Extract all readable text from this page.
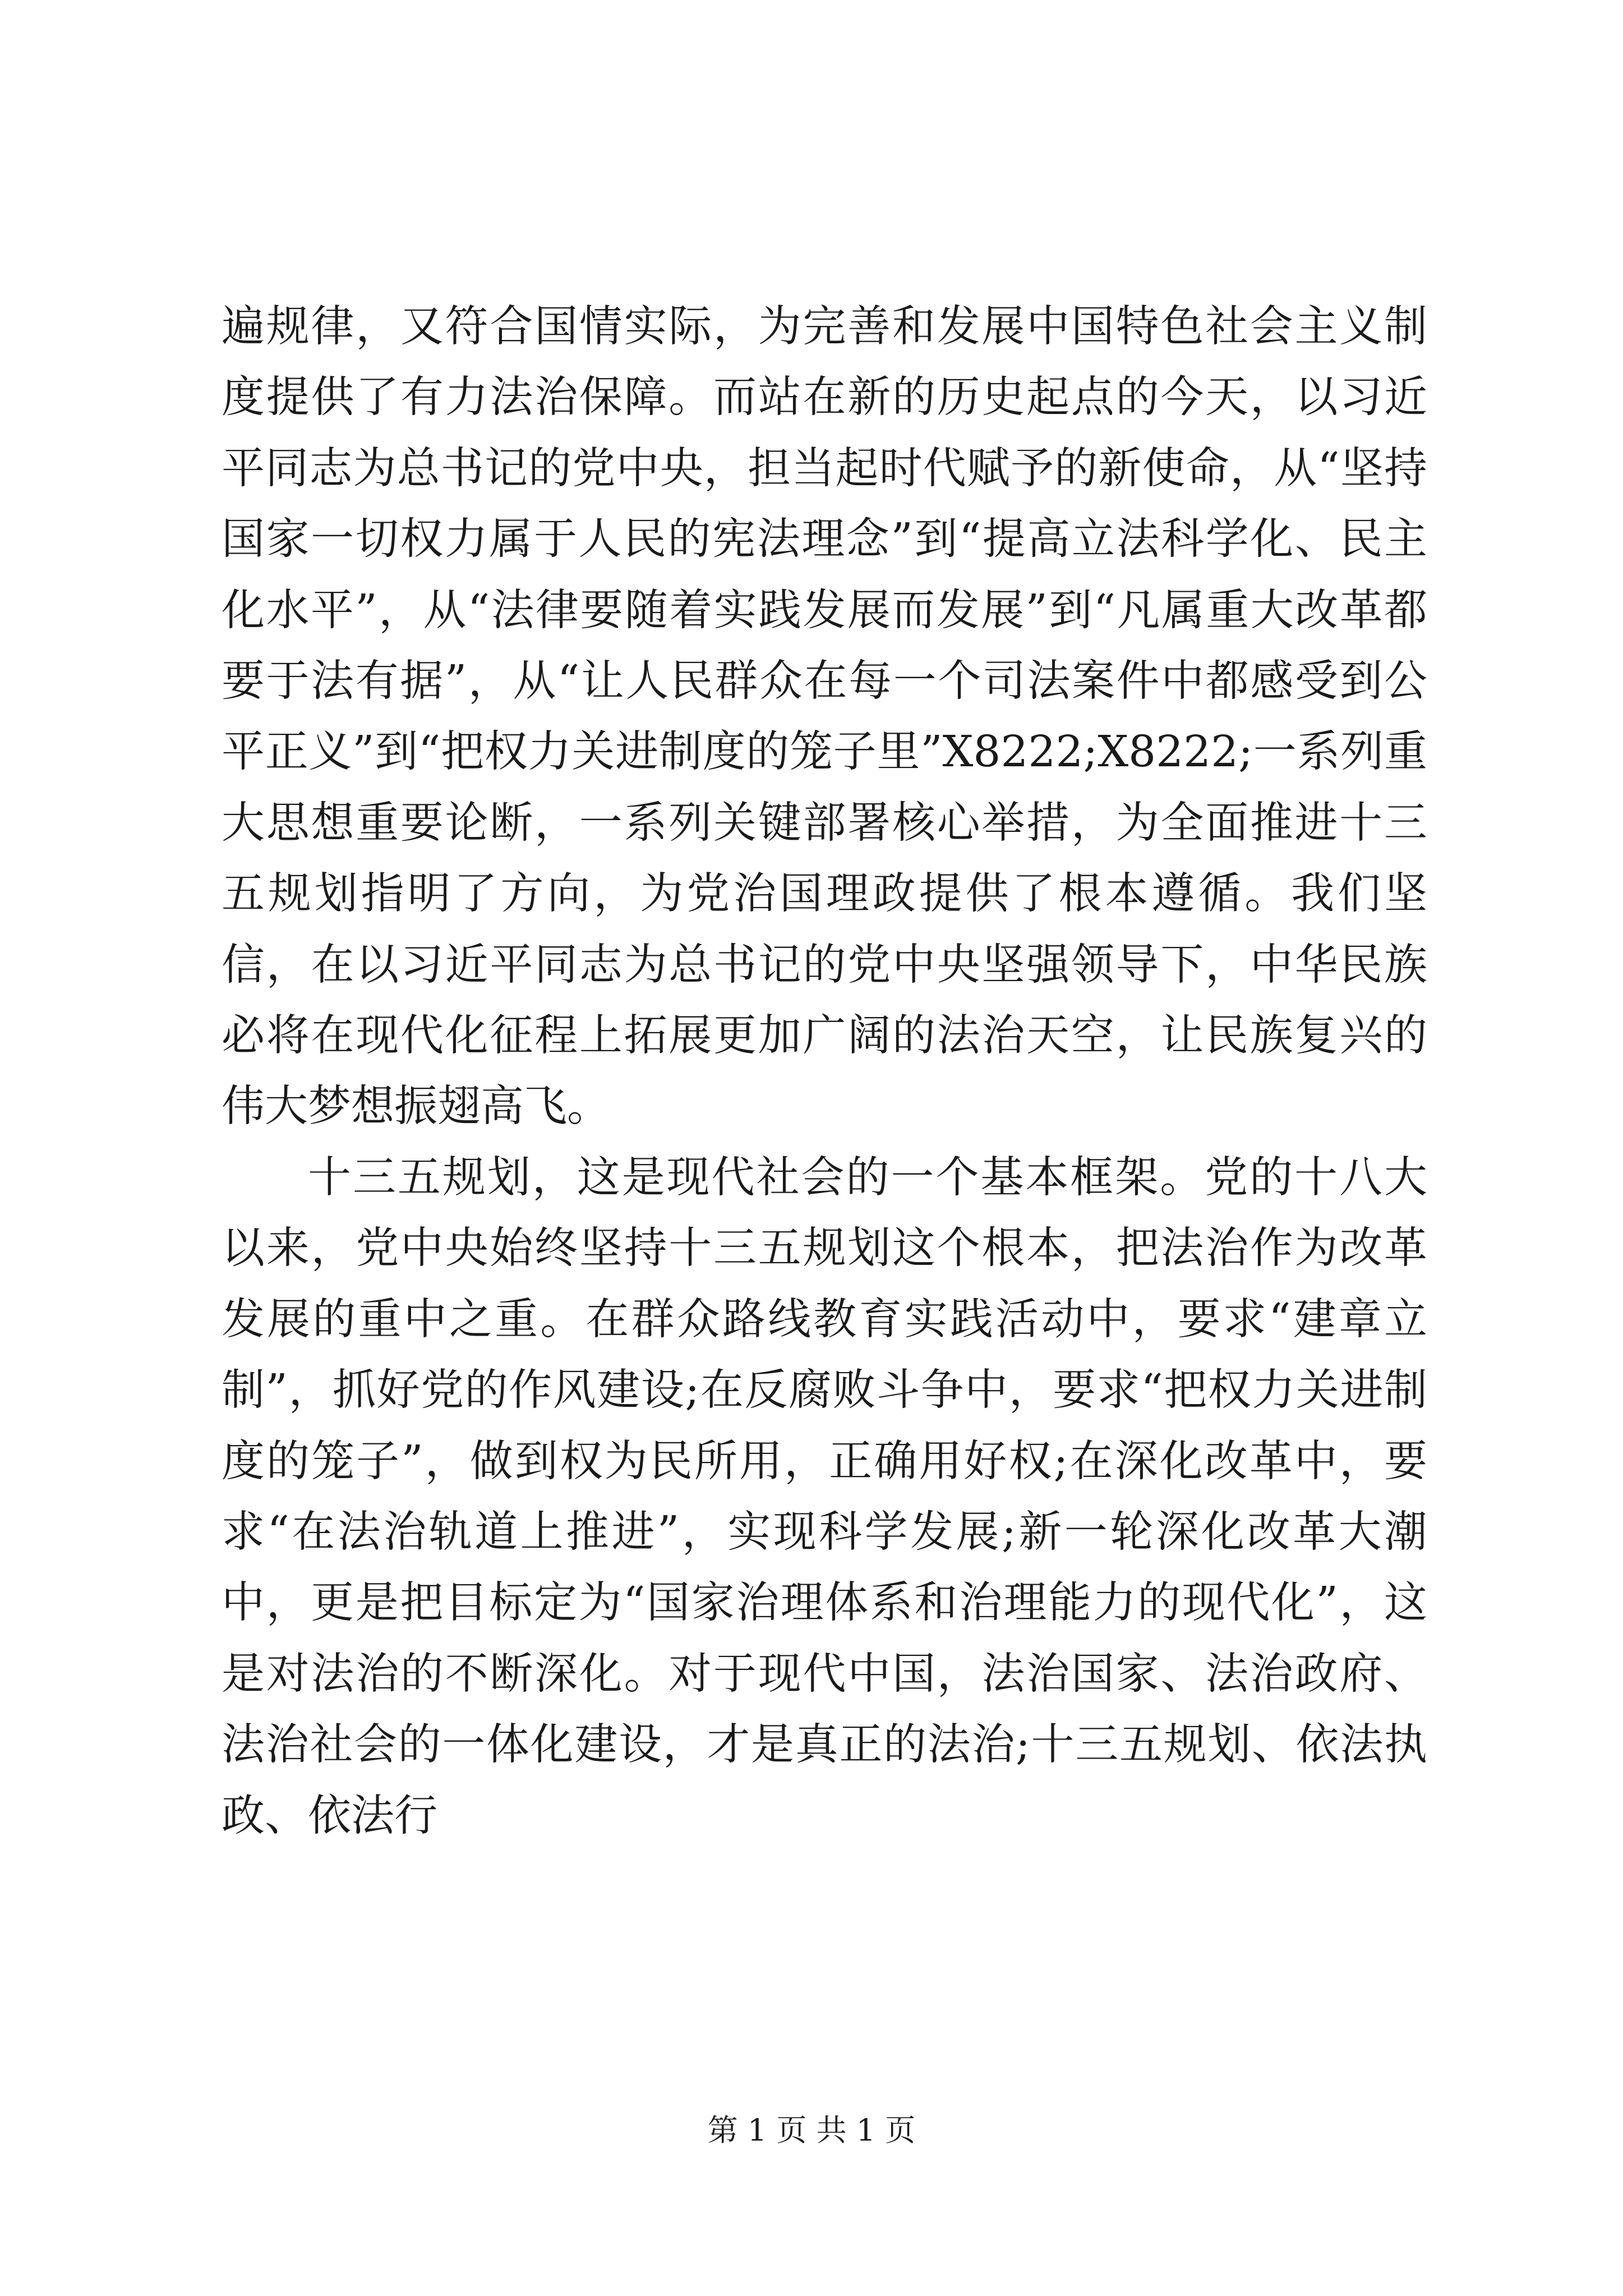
遍规律，又符合国情实际，为完善和发展中国特色社会主义制度提供了有力法治保障。而站在新的历史起点的今天，以习近平同志为总书记的党中央，担当起时代赋予的新使命，从“坚持国家一切权力属于人民的宪法理念”到“提高立法科学化、民主化水平”，从“法律要随着实践发展而发展”到“凡属重大改革都要于法有据”，从“让人民群众在每一个司法案件中都感受到公平正义”到“把权力关进制度的笼子里”X8222;X8222;一系列重大思想重要论断，一系列关键部署核心举措，为全面推进十三五规划指明了方向，为党治国理政提供了根本遵循。我们坚信，在以习近平同志为总书记的党中央坚强领导下，中华民族必将在现代化征程上拓展更加广阔的法治天空，让民族复兴的伟大梦想振翅高飞。

十三五规划，这是现代社会的一个基本框架。党的十八大以来，党中央始终坚持十三五规划这个根本，把法治作为改革发展的重中之重。在群众路线教育实践活动中，要求“建章立制”，抓好党的作风建设;在反腐败斗争中，要求“把权力关进制度的笼子”，做到权为民所用，正确用好权;在深化改革中，要求“在法治轨道上推进”，实现科学发展;新一轮深化改革大潮中，更是把目标定为“国家治理体系和治理能力的现代化”，这是对法治的不断深化。对于现代中国，法治国家、法治政府、法治社会的一体化建设，才是真正的法治;十三五规划、依法执政、依法行

第 1 页 共 1 页
